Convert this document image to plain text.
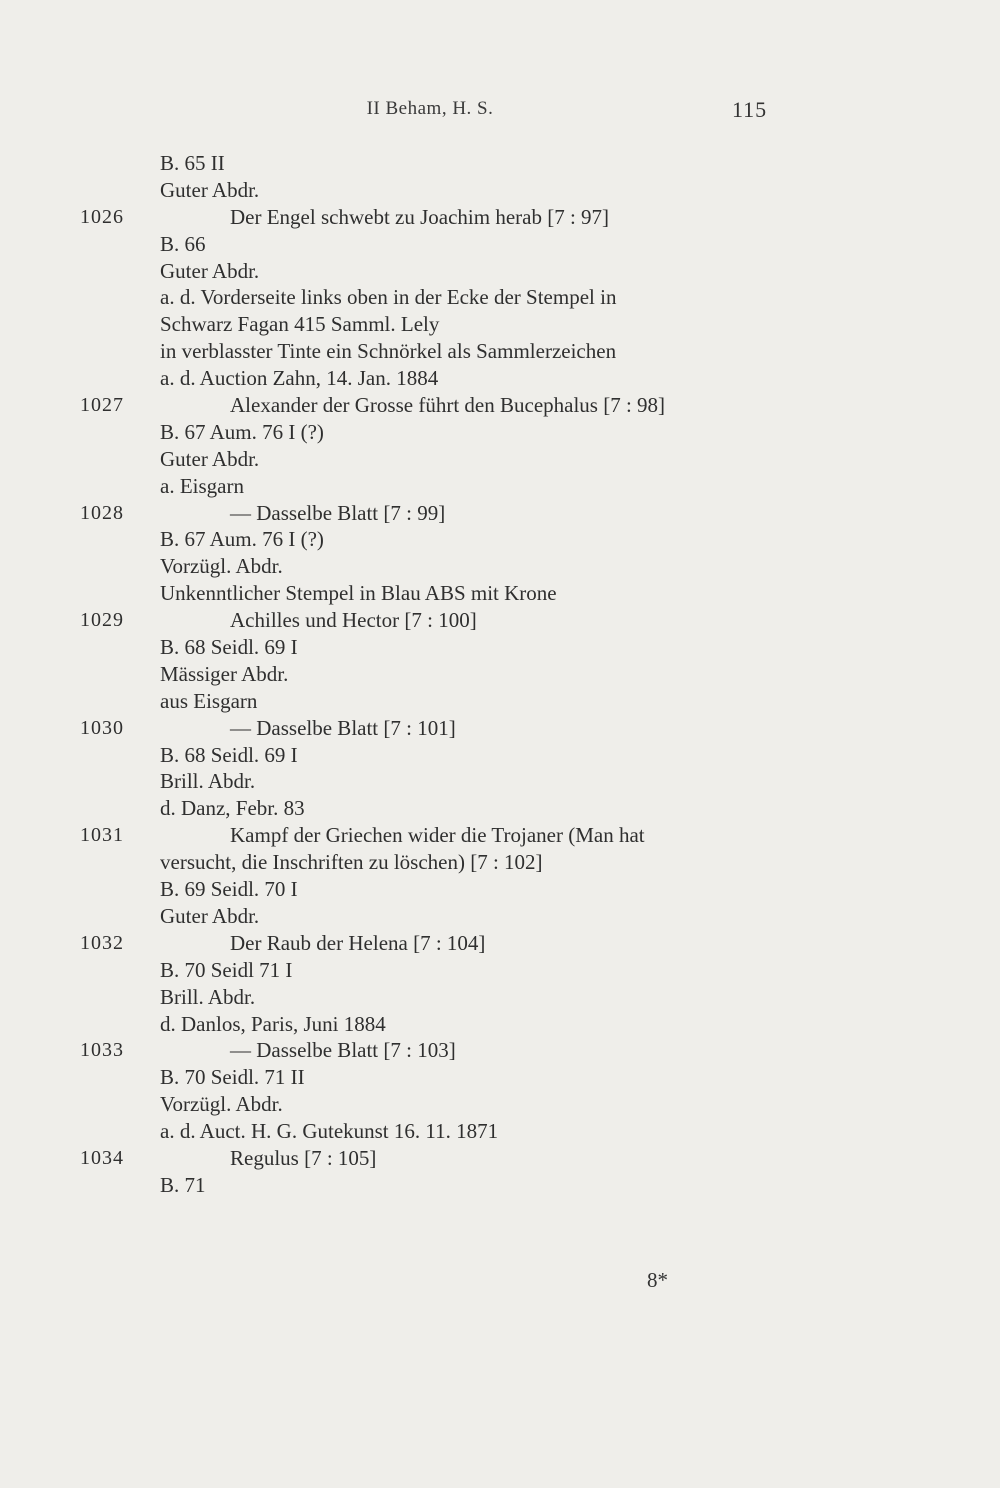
II Beham, H. S.	115
B. 65 II
Guter Abdr.
1026	Der Engel schwebt zu Joachim herab [7 : 97]
B. 66
Guter Abdr.
a. d. Vorderseite links oben in der Ecke der Stempel in
Schwarz Fagan 415 Samml. Lely
in verblasster Tinte ein Schnörkel als Sammlerzeichen
a. d. Auction Zahn, 14. Jan. 1884
1027	Alexander der Grosse führt den Bucephalus [7 : 98]
B. 67 Aum. 76 I (?)
Guter Abdr.
a. Eisgarn
1028	— Dasselbe Blatt [7 : 99]
B. 67 Aum. 76 I (?)
Vorzügl. Abdr.
Unkenntlicher Stempel in Blau ABS mit Krone
1029	Achilles und Hector [7 : 100]
B. 68 Seidl. 69 I
Mässiger Abdr.
aus Eisgarn
1030	— Dasselbe Blatt [7 : 101]
B. 68 Seidl. 69 I
Brill. Abdr.
d. Danz, Febr. 83
1031	Kampf der Griechen wider die Trojaner (Man hat
versucht, die Inschriften zu löschen) [7 : 102]
B. 69 Seidl. 70 I
Guter Abdr.
1032	Der Raub der Helena [7 : 104]
B. 70 Seidl 71 I
Brill. Abdr.
d. Danlos, Paris, Juni 1884
1033	— Dasselbe Blatt [7 : 103]
B. 70 Seidl. 71 II
Vorzügl. Abdr.
a. d. Auct. H. G. Gutekunst 16. 11. 1871
1034	Regulus [7 : 105]
B. 71
8*
